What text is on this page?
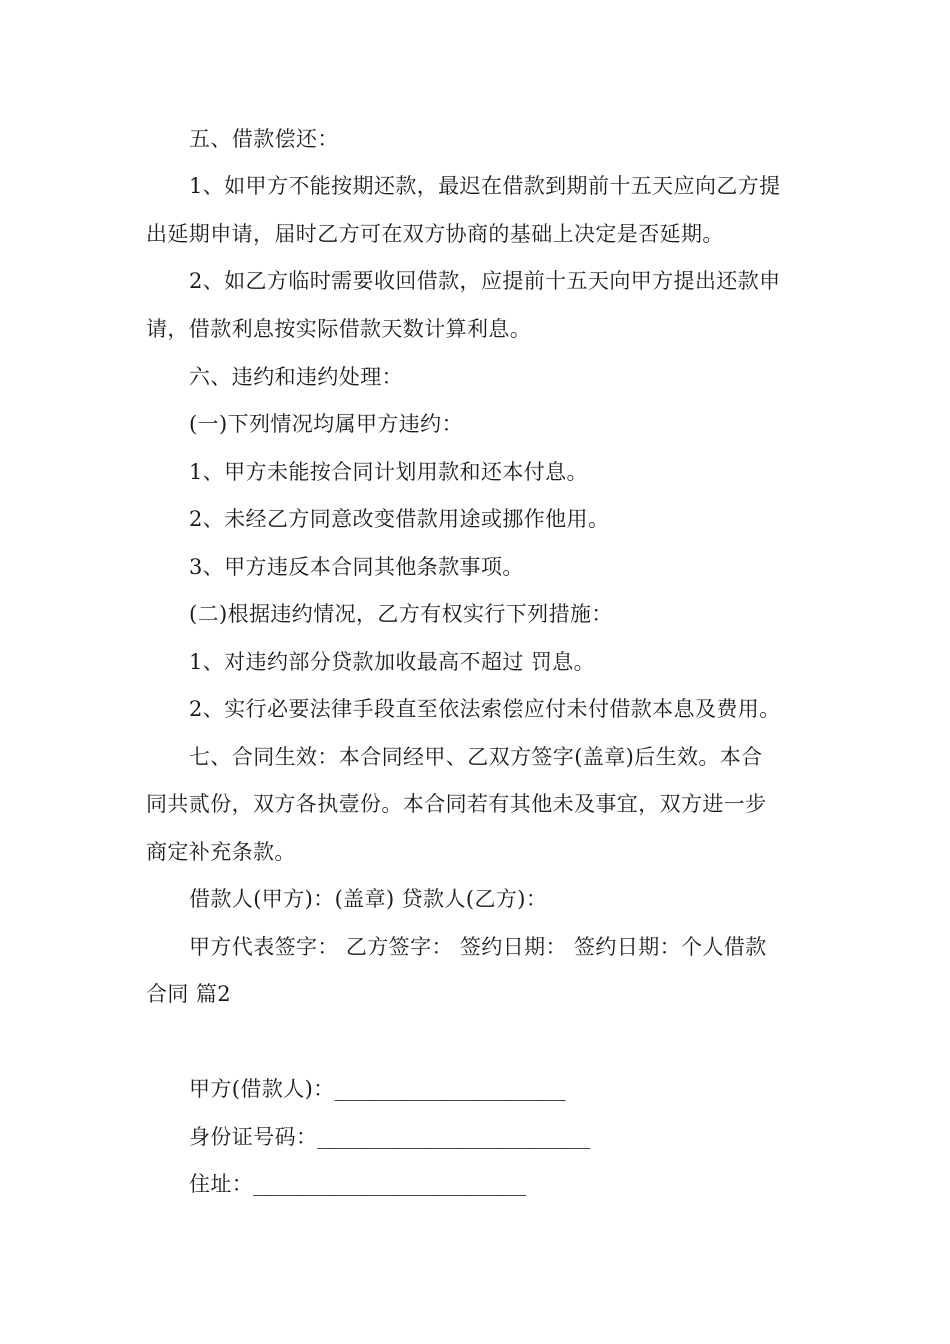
五、借款偿还：
1、如甲方不能按期还款，最迟在借款到期前十五天应向乙方提
出延期申请，届时乙方可在双方协商的基础上决定是否延期。
2、如乙方临时需要收回借款，应提前十五天向甲方提出还款申
请，借款利息按实际借款天数计算利息。
六、违约和违约处理：
(一)下列情况均属甲方违约：
1、甲方未能按合同计划用款和还本付息。
2、未经乙方同意改变借款用途或挪作他用。
3、甲方违反本合同其他条款事项。
(二)根据违约情况，乙方有权实行下列措施：
1、对违约部分贷款加收最高不超过 罚息。
2、实行必要法律手段直至依法索偿应付未付借款本息及费用。
七、合同生效：本合同经甲、乙双方签字(盖章)后生效。本合
同共贰份，双方各执壹份。本合同若有其他未及事宜，双方进一步
商定补充条款。
借款人(甲方)：(盖章) 贷款人(乙方)：
甲方代表签字： 乙方签字： 签约日期： 签约日期：个人借款
合同 篇2
甲方(借款人)：______________________
身份证号码：__________________________
住址：__________________________
